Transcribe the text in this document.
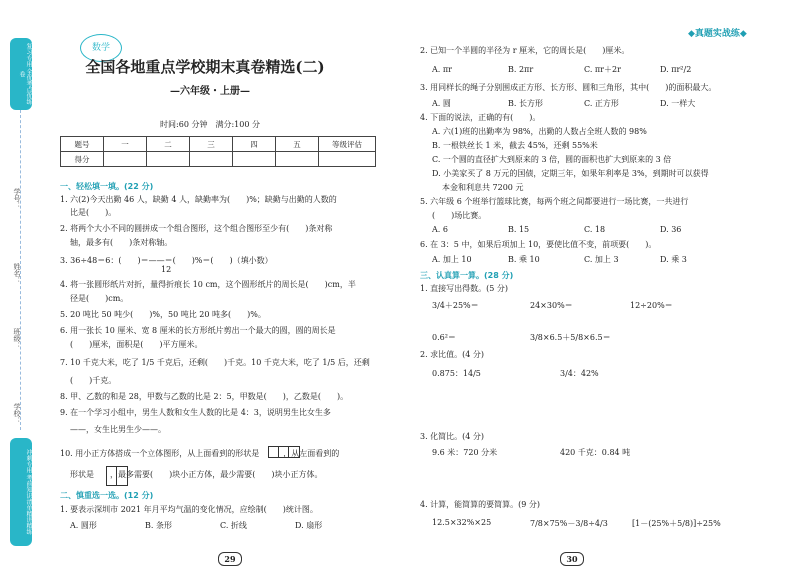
复习专用 全优考点优练卷
学号：
姓名：
班级：
学校：
冲刺专用 考前知识清单精讲精练
数学
全国各地重点学校期末真卷精选(二)
—六年级・上册—
时间:60 分钟　满分:100 分
题号	一	二	三	四	五	等级评估
得分						
一、轻松填一填。(22 分)
1. 六(2)今天出勤 46 人，缺勤 4 人，缺勤率为(　　)%；缺勤与出勤的人数的
比是(　　)。
2. 将两个大小不同的圆拼成一个组合图形，这个组合图形至少有(　　)条对称
轴，最多有(　　)条对称轴。
3. 36÷48＝6：(　　)＝——＝(　　)%＝(　　)（填小数）
12
4. 将一张圆形纸片对折，量得折痕长 10 cm，这个圆形纸片的周长是(　　)cm，半
径是(　　)cm。
5. 20 吨比 50 吨少(　　)%，50 吨比 20 吨多(　　)%。
6. 用一张长 10 厘米、宽 8 厘米的长方形纸片剪出一个最大的圆，圆的周长是
(　　)厘米，面积是(　　)平方厘米。
7. 10 千克大米，吃了 1/5 千克后，还剩(　　)千克。10 千克大米，吃了 1/5 后，还剩
(　　)千克。
8. 甲、乙数的和是 28，甲数与乙数的比是 2：5，甲数是(　　)，乙数是(　　)。
9. 在一个学习小组中，男生人数和女生人数的比是 4：3，说明男生比女生多
——，女生比男生少——。
10. 用小正方体搭成一个立体图形，从上面看到的形状是　　　，从左面看到的
形状是　　，最多需要(　　)块小正方体，最少需要(　　)块小正方体。
二、慎重选一选。(12 分)
1. 要表示深圳市 2021 年月平均气温的变化情况，应绘制(　　)统计图。
A. 圆形	B. 条形	C. 折线	D. 扇形
29
◆真题实战练◆
2. 已知一个半圆的半径为 r 厘米，它的周长是(　　)厘米。
A. πr	B. 2πr	C. πr＋2r	D. πr²/2
3. 用同样长的绳子分别围成正方形、长方形、圆和三角形，其中(　　)的面积最大。
A. 圆	B. 长方形	C. 正方形	D. 一样大
4. 下面的说法，正确的有(　　)。
A. 六(1)班的出勤率为 98%，出勤的人数占全班人数的 98%
B. 一根铁丝长 1 米，截去 45%，还剩 55%米
C. 一个圆的直径扩大到原来的 3 倍，圆的面积也扩大到原来的 3 倍
D. 小美家买了 8 万元的国债，定期三年，如果年利率是 3%，到期时可以获得
本金和利息共 7200 元
5. 六年级 6 个班举行篮球比赛，每两个班之间都要进行一场比赛，一共进行
(　　)场比赛。
A. 6	B. 15	C. 18	D. 36
6. 在 3：5 中，如果后项加上 10，要使比值不变，前项要(　　)。
A. 加上 10	B. 乘 10	C. 加上 3	D. 乘 3
三、认真算一算。(28 分)
1. 直接写出得数。(5 分)
3/4＋25%＝	24×30%＝	12÷20%＝
0.6²＝	3/8×6.5＋5/8×6.5＝
2. 求比值。(4 分)
0.875：14/5	3/4：42%
3. 化简比。(4 分)
9.6 米：720 分米	420 千克：0.84 吨
4. 计算，能简算的要简算。(9 分)
12.5×32%×25	7/8×75%－3/8÷4/3	[1－(25%＋5/8)]÷25%
30
